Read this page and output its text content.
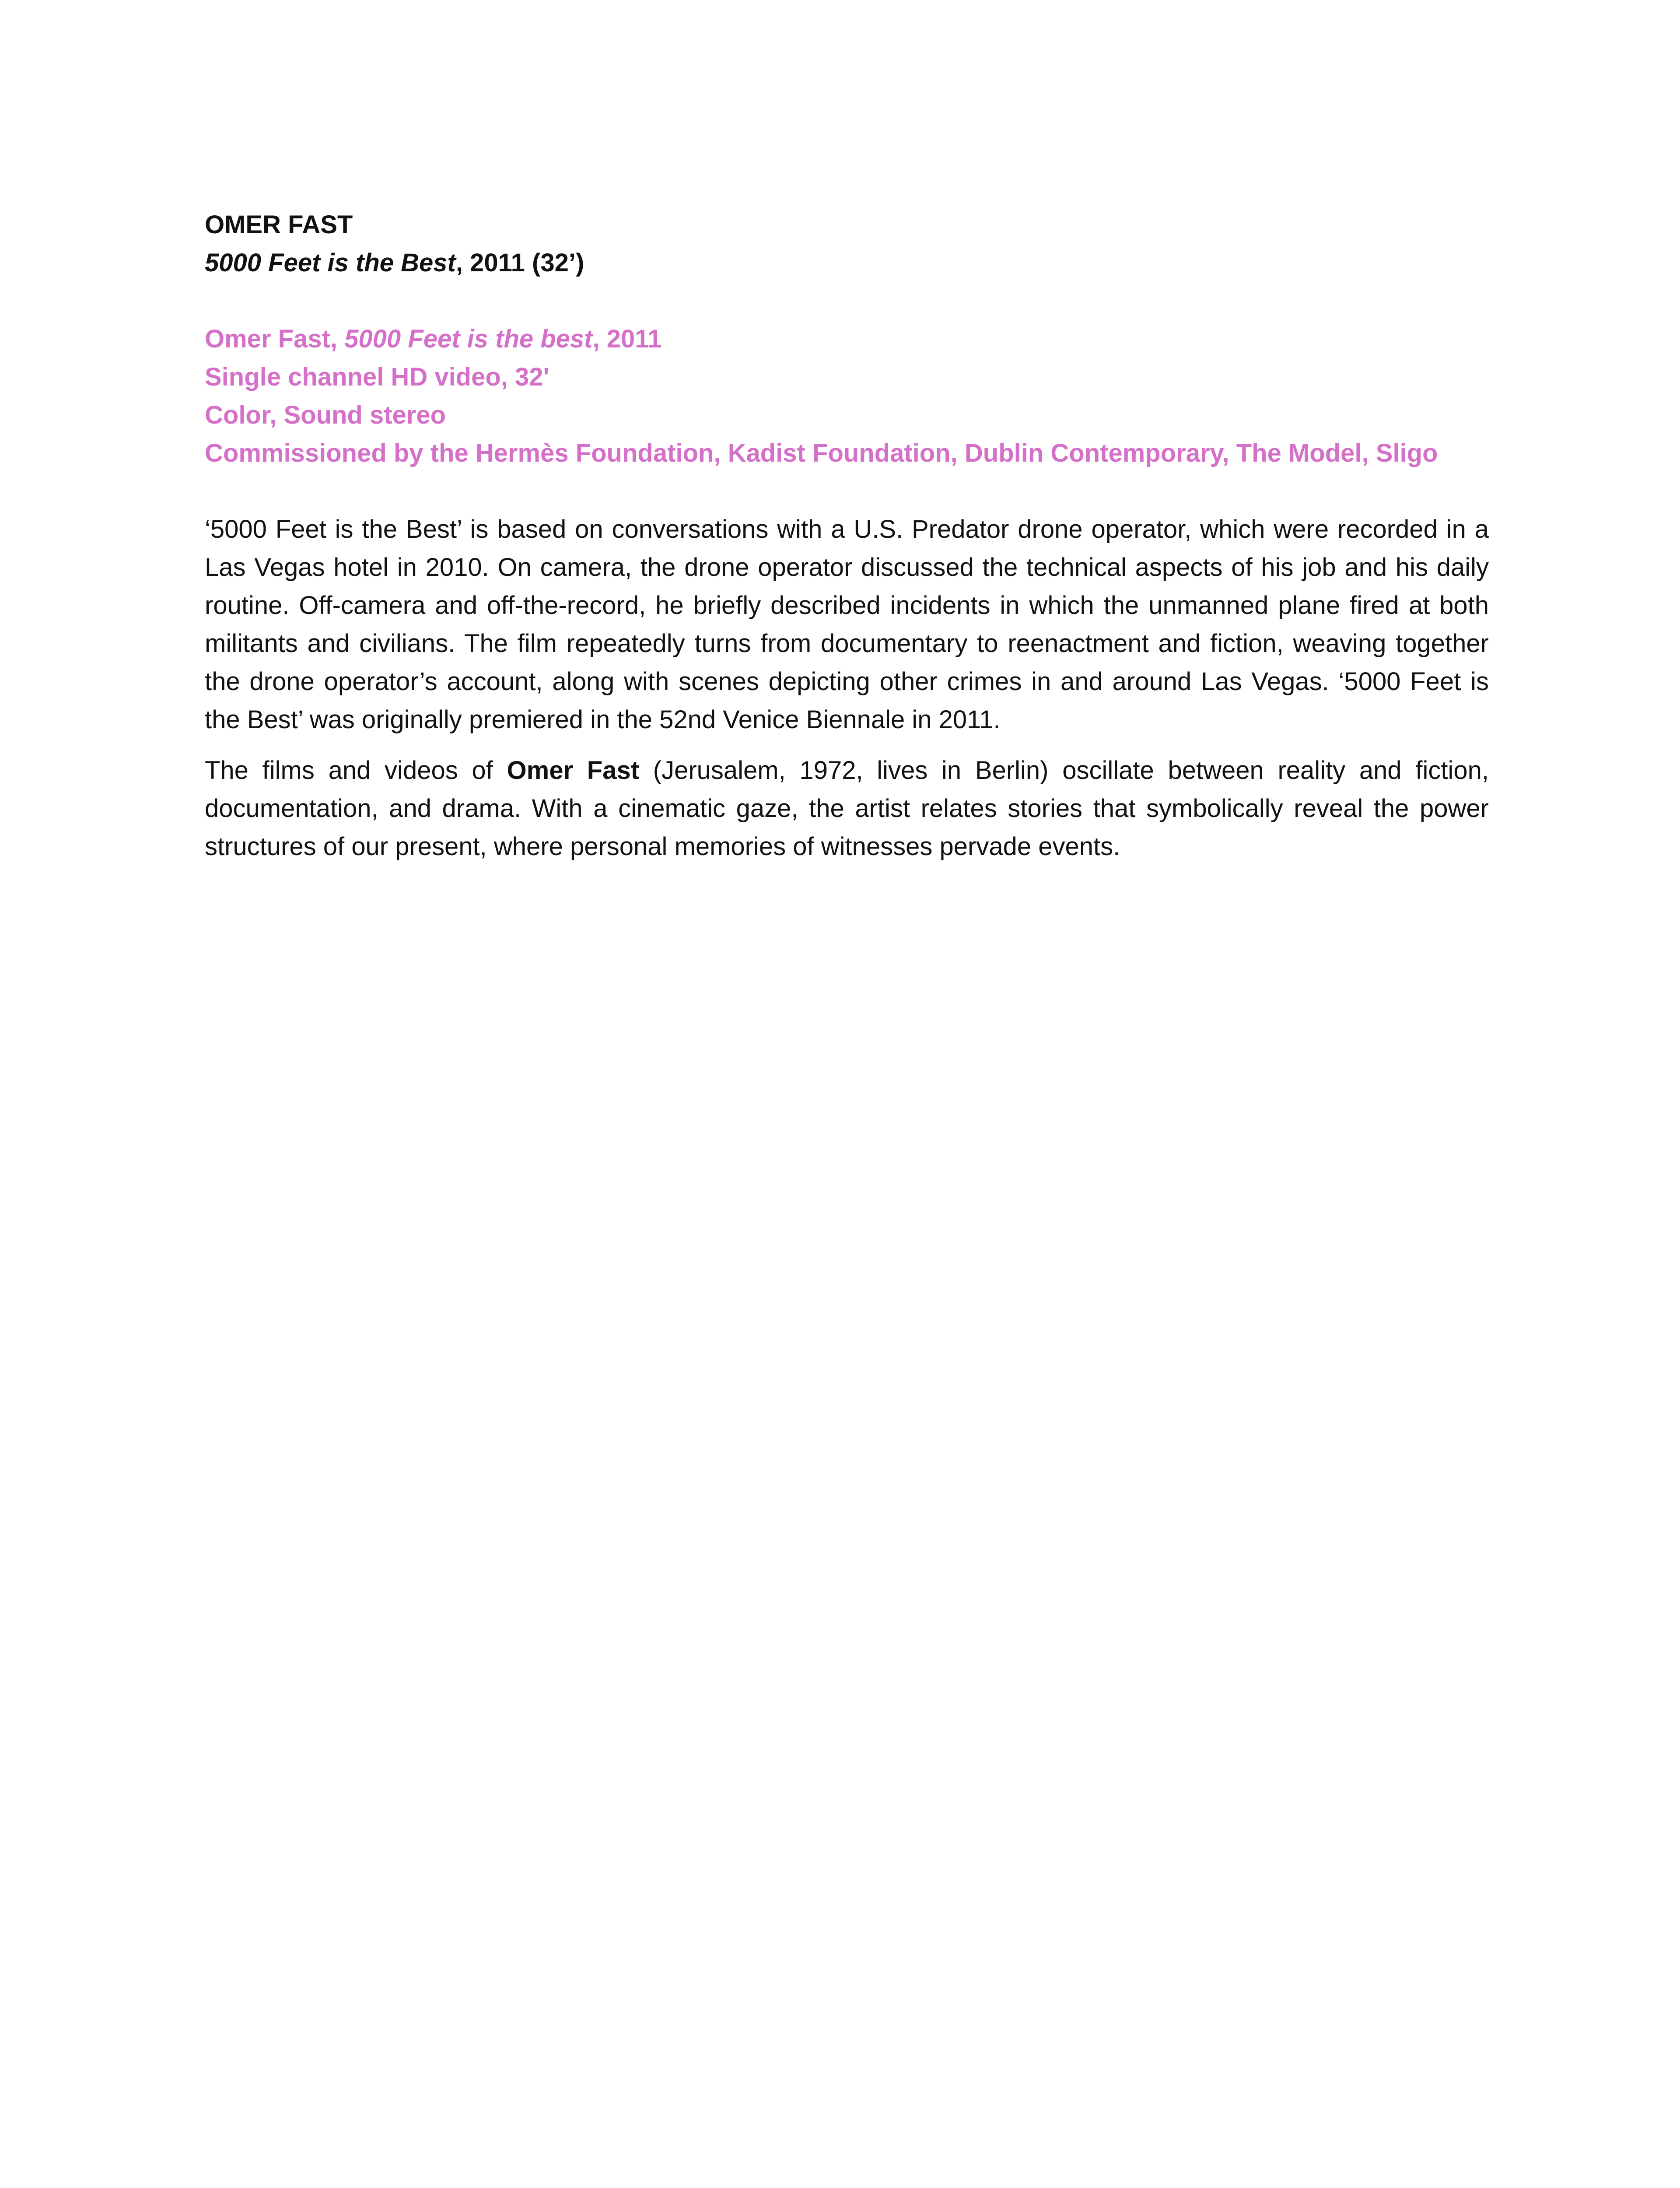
OMER FAST
5000 Feet is the Best, 2011 (32’)
Omer Fast, 5000 Feet is the best, 2011
Single channel HD video, 32'
Color, Sound stereo
Commissioned by the Hermès Foundation, Kadist Foundation, Dublin Contemporary, The Model, Sligo

‘5000 Feet is the Best’ is based on conversations with a U.S. Predator drone operator, which were recorded in a Las Vegas hotel in 2010. On camera, the drone operator discussed the technical aspects of his job and his daily routine. Off-camera and off-the-record, he briefly described incidents in which the unmanned plane fired at both militants and civilians. The film repeatedly turns from documentary to reenactment and fiction, weaving together the drone operator’s account, along with scenes depicting other crimes in and around Las Vegas. ‘5000 Feet is the Best’ was originally premiered in the 52nd Venice Biennale in 2011.

The films and videos of Omer Fast (Jerusalem, 1972, lives in Berlin) oscillate between reality and fiction, documentation, and drama. With a cinematic gaze, the artist relates stories that symbolically reveal the power structures of our present, where personal memories of witnesses pervade events.
